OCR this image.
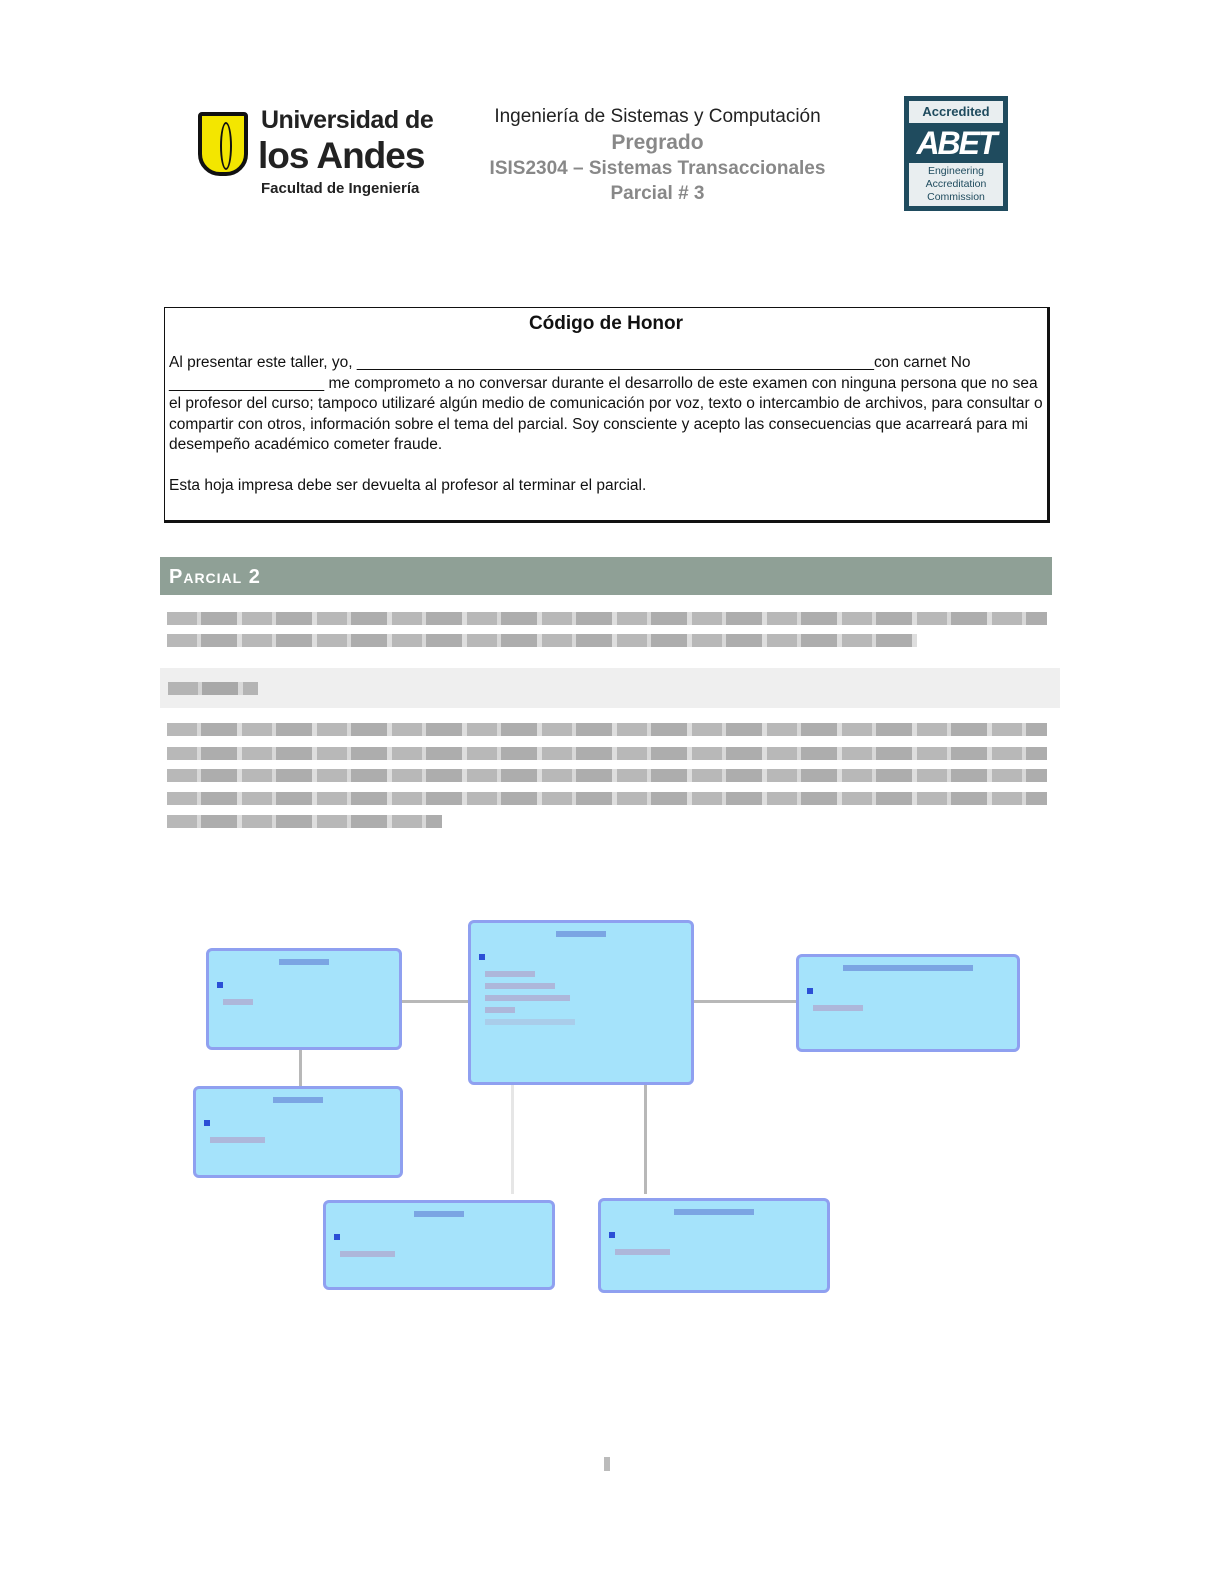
Universidad de
los Andes
Facultad de Ingeniería
Ingeniería de Sistemas y Computación
Pregrado
ISIS2304 – Sistemas Transaccionales
Parcial # 3
Accredited
ABET
Engineering
Accreditation
Commission
Código de Honor

Al presentar este taller, yo, ____________________________________________________________con carnet No __________________ me comprometo a no conversar durante el desarrollo de este examen con ninguna persona que no sea el profesor del curso; tampoco utilizaré algún medio de comunicación por voz, texto o intercambio de archivos, para consultar o compartir con otros, información sobre el tema del parcial. Soy consciente y acepto las consecuencias que acarreará para mi desempeño académico cometer fraude.

Esta hoja impresa debe ser devuelta al profesor al terminar el parcial.

Parcial 2
